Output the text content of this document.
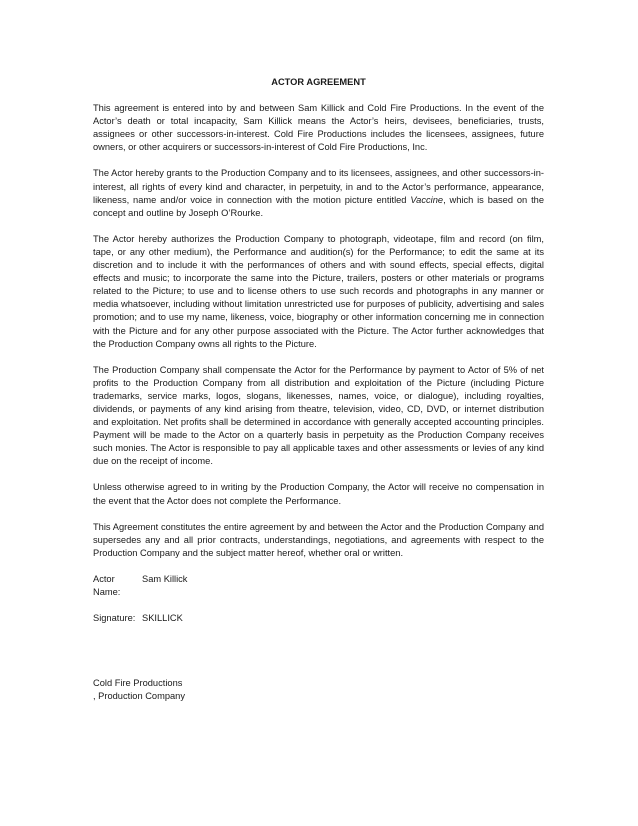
ACTOR AGREEMENT

This agreement is entered into by and between Sam Killick and Cold Fire Productions. In the event of the Actor’s death or total incapacity, Sam Killick means the Actor’s heirs, devisees, beneficiaries, trusts, assignees or other successors-in-interest. Cold Fire Productions includes the licensees, assignees, future owners, or other acquirers or successors-in-interest of Cold Fire Productions, Inc.

The Actor hereby grants to the Production Company and to its licensees, assignees, and other successors-in-interest, all rights of every kind and character, in perpetuity, in and to the Actor’s performance, appearance, likeness, name and/or voice in connection with the motion picture entitled Vaccine, which is based on the concept and outline by Joseph O’Rourke.

The Actor hereby authorizes the Production Company to photograph, videotape, film and record (on film, tape, or any other medium), the Performance and audition(s) for the Performance; to edit the same at its discretion and to include it with the performances of others and with sound effects, special effects, digital effects and music; to incorporate the same into the Picture, trailers, posters or other materials or programs related to the Picture; to use and to license others to use such records and photographs in any manner or media whatsoever, including without limitation unrestricted use for purposes of publicity, advertising and sales promotion; and to use my name, likeness, voice, biography or other information concerning me in connection with the Picture and for any other purpose associated with the Picture. The Actor further acknowledges that the Production Company owns all rights to the Picture.

The Production Company shall compensate the Actor for the Performance by payment to Actor of 5% of net profits to the Production Company from all distribution and exploitation of the Picture (including Picture trademarks, service marks, logos, slogans, likenesses, names, voice, or dialogue), including royalties, dividends, or payments of any kind arising from theatre, television, video, CD, DVD, or internet distribution and exploitation. Net profits shall be determined in accordance with generally accepted accounting principles. Payment will be made to the Actor on a quarterly basis in perpetuity as the Production Company receives such monies. The Actor is responsible to pay all applicable taxes and other assessments or levies of any kind due on the receipt of income.

Unless otherwise agreed to in writing by the Production Company, the Actor will receive no compensation in the event that the Actor does not complete the Performance.

This Agreement constitutes the entire agreement by and between the Actor and the Production Company and supersedes any and all prior contracts, understandings, negotiations, and agreements with respect to the Production Company and the subject matter hereof, whether oral or written.

Actor Name:
Sam Killick
Signature: SKILLICK

Cold Fire Productions

, Production Company
